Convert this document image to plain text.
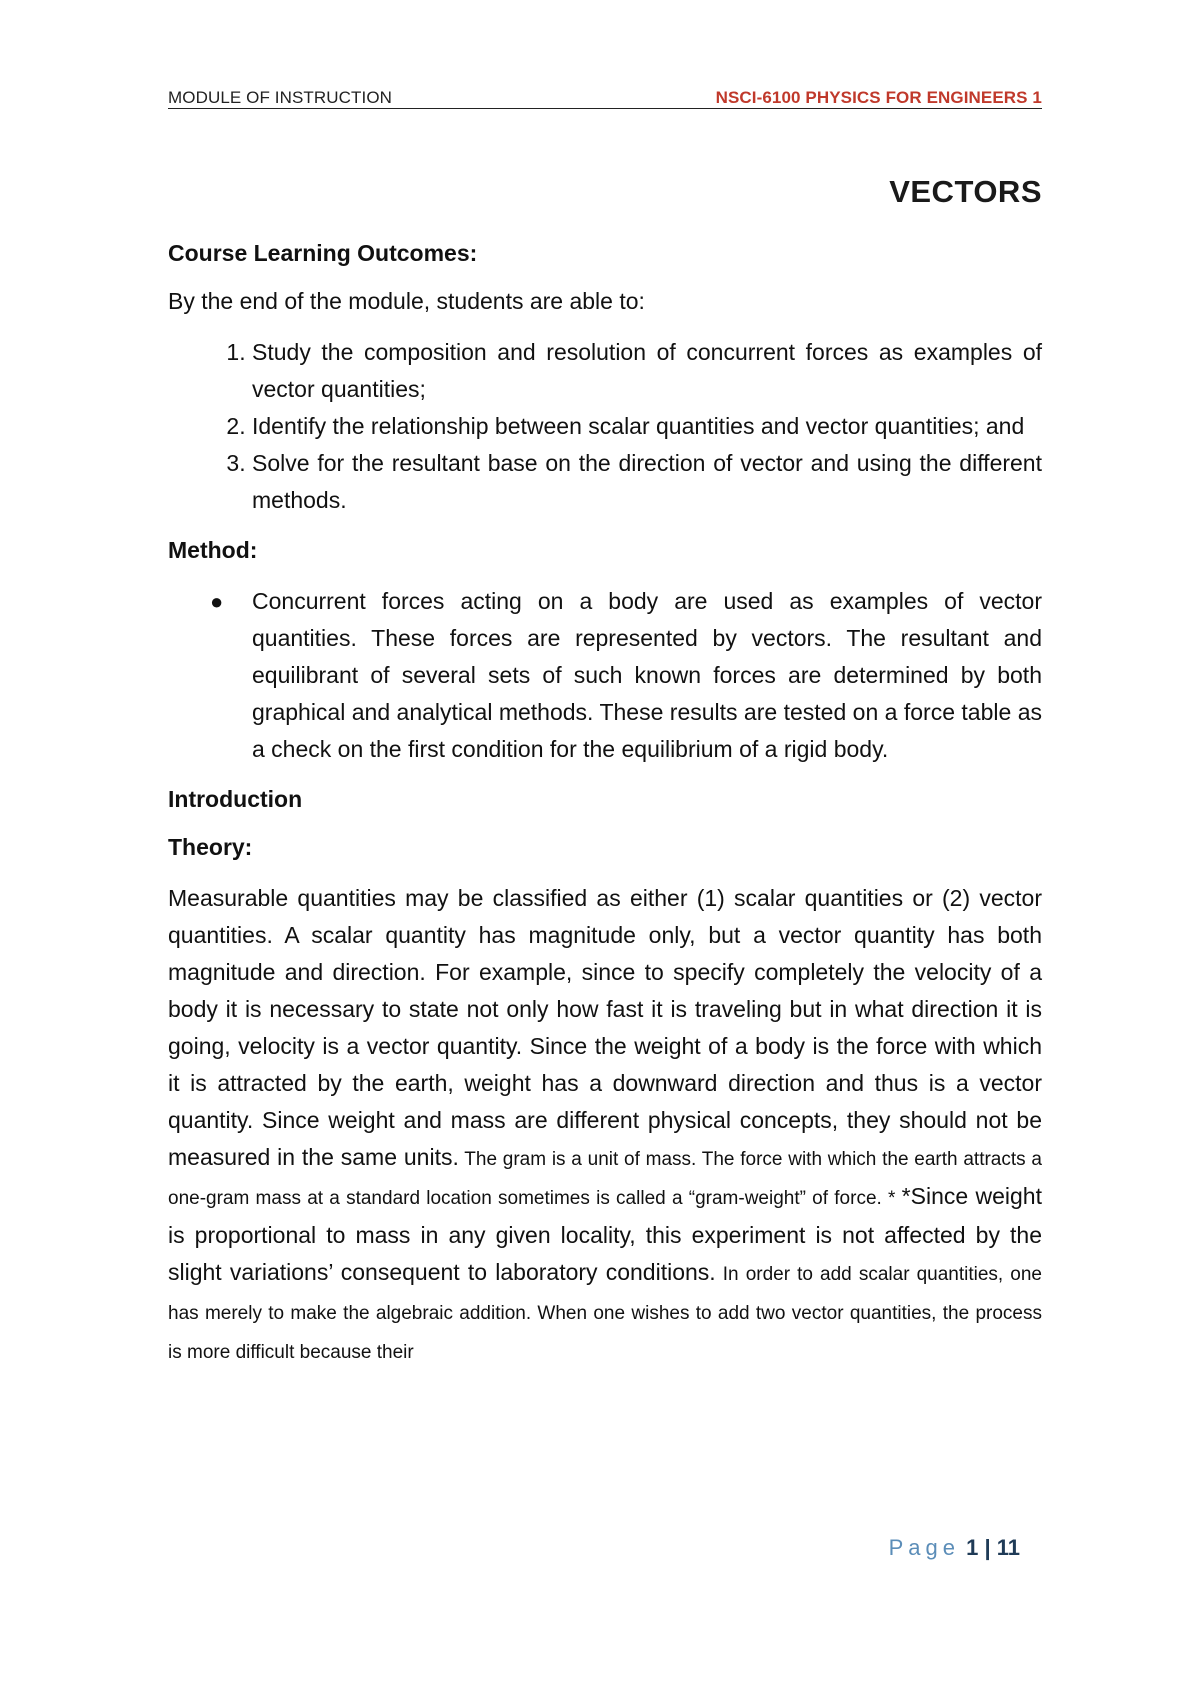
MODULE OF INSTRUCTION	NSCI-6100 PHYSICS FOR ENGINEERS 1
VECTORS

Course Learning Outcomes:

By the end of the module, students are able to:

1. Study the composition and resolution of concurrent forces as examples of vector quantities;
2. Identify the relationship between scalar quantities and vector quantities; and
3. Solve for the resultant base on the direction of vector and using the different methods.

Method:

● Concurrent forces acting on a body are used as examples of vector quantities. These forces are represented by vectors. The resultant and equilibrant of several sets of such known forces are determined by both graphical and analytical methods. These results are tested on a force table as a check on the first condition for the equilibrium of a rigid body.

Introduction

Theory:

Measurable quantities may be classified as either (1) scalar quantities or (2) vector quantities. A scalar quantity has magnitude only, but a vector quantity has both magnitude and direction. For example, since to specify completely the velocity of a body it is necessary to state not only how fast it is traveling but in what direction it is going, velocity is a vector quantity. Since the weight of a body is the force with which it is attracted by the earth, weight has a downward direction and thus is a vector quantity. Since weight and mass are different physical concepts, they should not be measured in the same units. The gram is a unit of mass. The force with which the earth attracts a one-gram mass at a standard location sometimes is called a “gram-weight” of force. * *Since weight is proportional to mass in any given locality, this experiment is not affected by the slight variations’ consequent to laboratory conditions. In order to add scalar quantities, one has merely to make the algebraic addition. When one wishes to add two vector quantities, the process is more difficult because their

Page 1 | 11
